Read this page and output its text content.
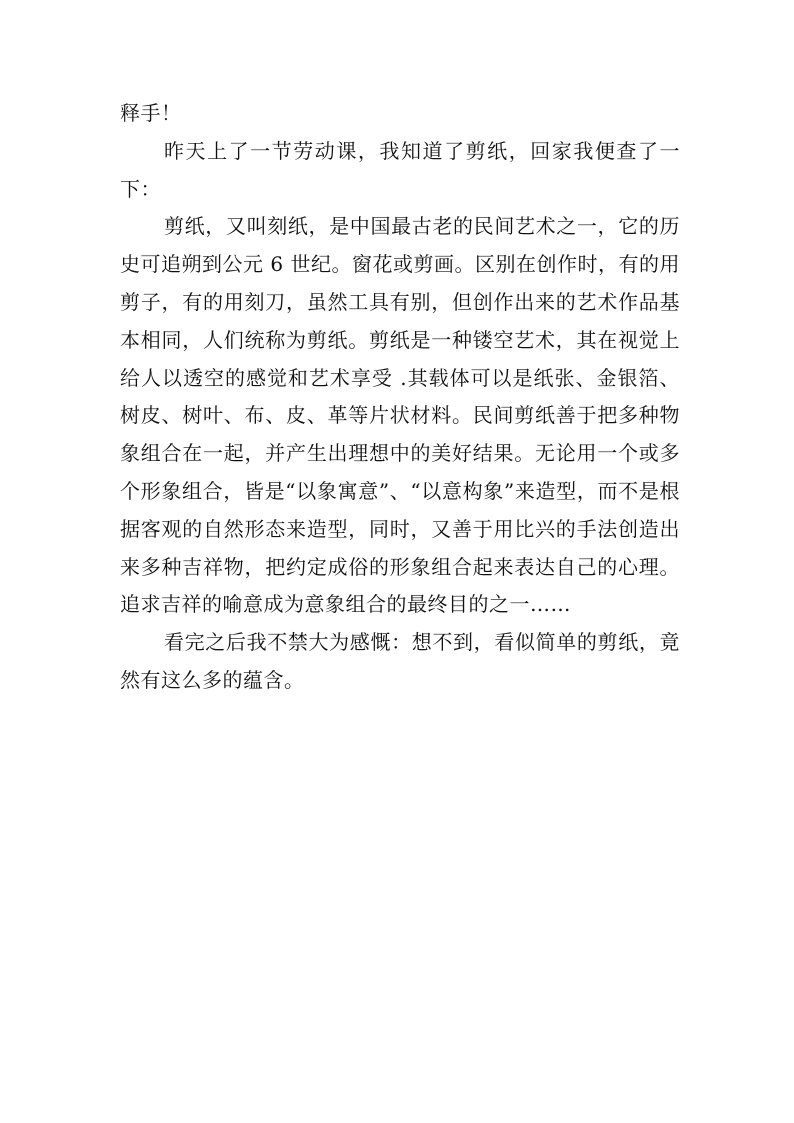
释手！

昨天上了一节劳动课，我知道了剪纸，回家我便查了一下：

剪纸，又叫刻纸，是中国最古老的民间艺术之一，它的历史可追朔到公元 6 世纪。窗花或剪画。区别在创作时，有的用剪子，有的用刻刀，虽然工具有别，但创作出来的艺术作品基本相同，人们统称为剪纸。剪纸是一种镂空艺术，其在视觉上给人以透空的感觉和艺术享受 .其载体可以是纸张、金银箔、树皮、树叶、布、皮、革等片状材料。民间剪纸善于把多种物象组合在一起，并产生出理想中的美好结果。无论用一个或多个形象组合，皆是“以象寓意”、“以意构象”来造型，而不是根据客观的自然形态来造型，同时，又善于用比兴的手法创造出来多种吉祥物，把约定成俗的形象组合起来表达自己的心理。追求吉祥的喻意成为意象组合的最终目的之一……

看完之后我不禁大为感慨：想不到，看似简单的剪纸，竟然有这么多的蕴含。
